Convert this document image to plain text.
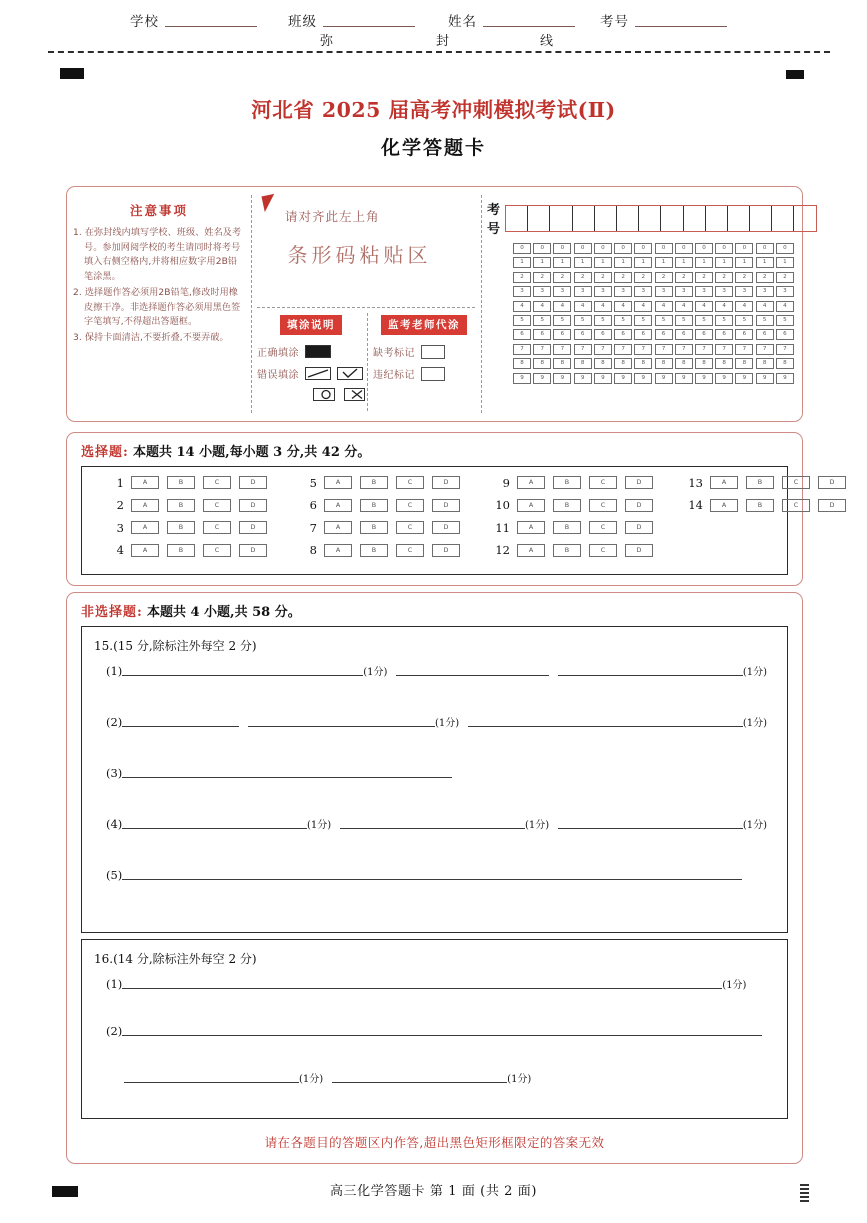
学校	班级	姓名	考号
弥	封	线
河北省 2025 届高考冲刺模拟考试(Ⅱ)
化学答题卡
注意事项
1. 在弥封线内填写学校、班级、姓名及考号。参加网阅学校的考生请同时将考号填入右侧空格内,并将相应数字用2B铅笔涂黑。
2. 选择题作答必须用2B铅笔,修改时用橡皮擦干净。非选择题作答必须用黑色签字笔填写,不得超出答题框。
3. 保持卡面清洁,不要折叠,不要弄破。
请对齐此左上角
条形码粘贴区
填涂说明
正确填涂
错误填涂
监考老师代涂
缺考标记
违纪标记
考号
0	0	0	0	0	0	0	0	0	0	0	0	0	0
1	1	1	1	1	1	1	1	1	1	1	1	1	1
2	2	2	2	2	2	2	2	2	2	2	2	2	2
3	3	3	3	3	3	3	3	3	3	3	3	3	3
4	4	4	4	4	4	4	4	4	4	4	4	4	4
5	5	5	5	5	5	5	5	5	5	5	5	5	5
6	6	6	6	6	6	6	6	6	6	6	6	6	6
7	7	7	7	7	7	7	7	7	7	7	7	7	7
8	8	8	8	8	8	8	8	8	8	8	8	8	8
9	9	9	9	9	9	9	9	9	9	9	9	9	9
选择题: 本题共 14 小题,每小题 3 分,共 42 分。
1	A	B	C	D
2	A	B	C	D
3	A	B	C	D
4	A	B	C	D
5	A	B	C	D
6	A	B	C	D
7	A	B	C	D
8	A	B	C	D
9	A	B	C	D
10	A	B	C	D
11	A	B	C	D
12	A	B	C	D
13	A	B	C	D
14	A	B	C	D
非选择题: 本题共 4 小题,共 58 分。
15.(15 分,除标注外每空 2 分)
(1)	(1分)	(1分)
(2)	(1分)	(1分)
(3)
(4)	(1分)	(1分)	(1分)
(5)
16.(14 分,除标注外每空 2 分)
(1)	(1分)
(2)
(1分)	(1分)
请在各题目的答题区内作答,超出黑色矩形框限定的答案无效
高三化学答题卡 第 1 面 (共 2 面)
